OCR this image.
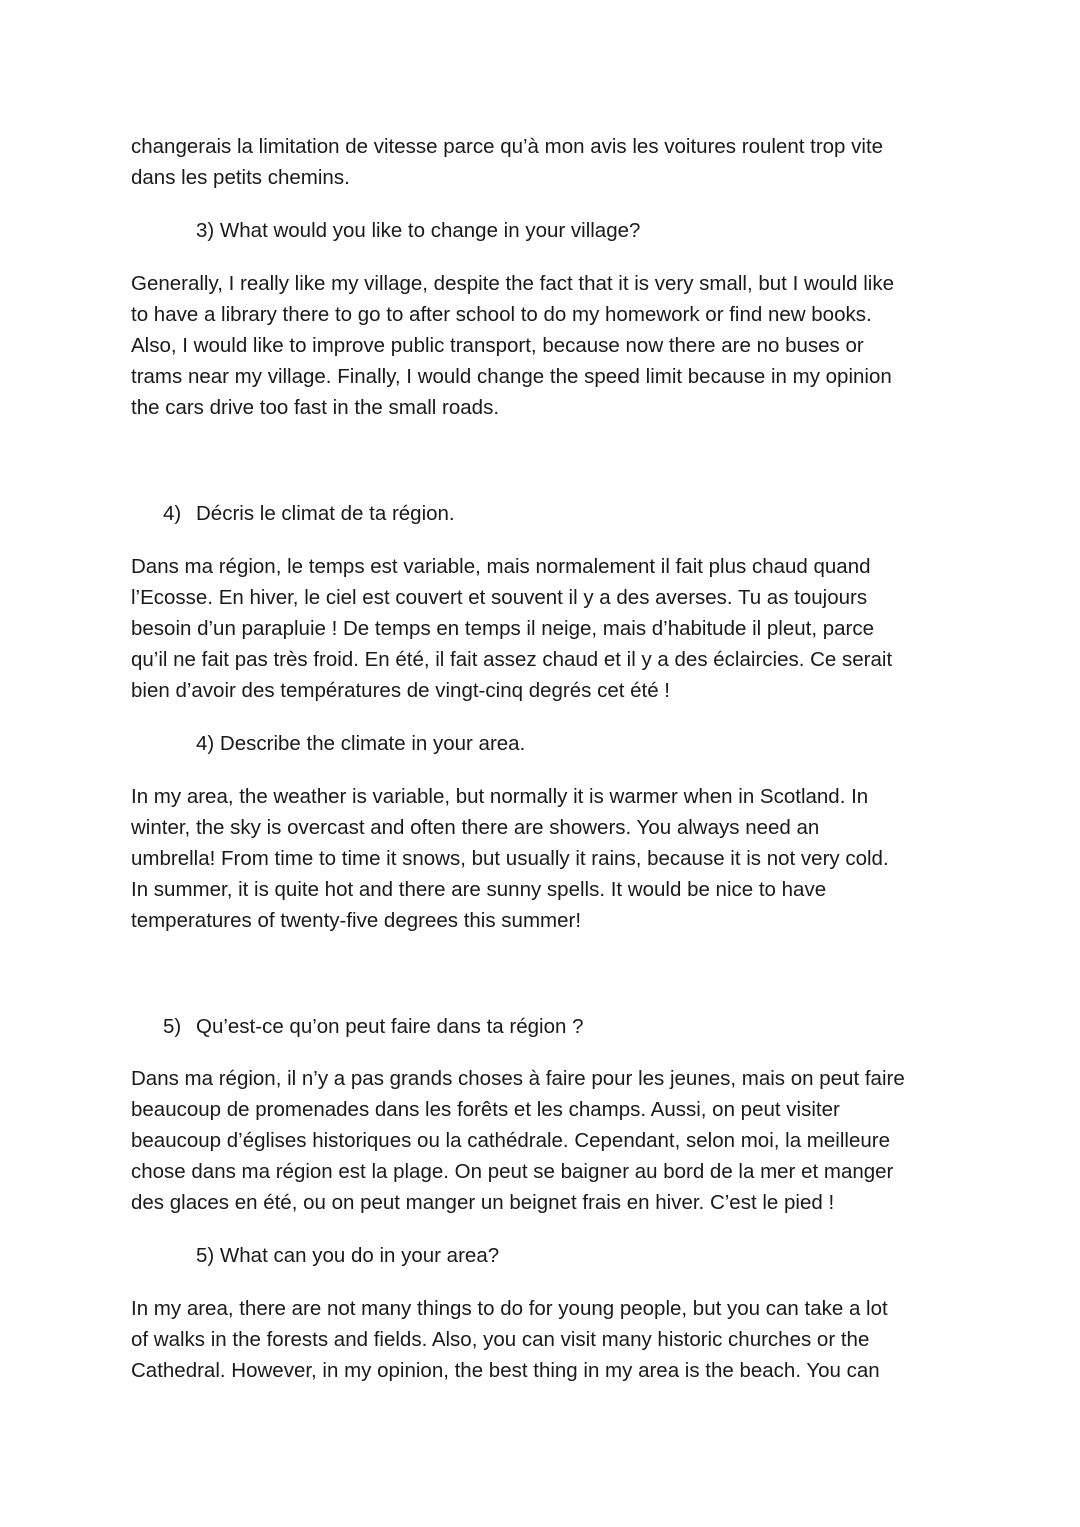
changerais la limitation de vitesse parce qu’à mon avis les voitures roulent trop vite
dans les petits chemins.

3) What would you like to change in your village?

Generally, I really like my village, despite the fact that it is very small, but I would like
to have a library there to go to after school to do my homework or find new books.
Also, I would like to improve public transport, because now there are no buses or
trams near my village. Finally, I would change the speed limit because in my opinion
the cars drive too fast in the small roads.

4) Décris le climat de ta région.

Dans ma région, le temps est variable, mais normalement il fait plus chaud quand
l’Ecosse. En hiver, le ciel est couvert et souvent il y a des averses. Tu as toujours
besoin d’un parapluie ! De temps en temps il neige, mais d’habitude il pleut, parce
qu’il ne fait pas très froid. En été, il fait assez chaud et il y a des éclaircies. Ce serait
bien d’avoir des températures de vingt-cinq degrés cet été !

4) Describe the climate in your area.

In my area, the weather is variable, but normally it is warmer when in Scotland. In
winter, the sky is overcast and often there are showers. You always need an
umbrella! From time to time it snows, but usually it rains, because it is not very cold.
In summer, it is quite hot and there are sunny spells. It would be nice to have
temperatures of twenty-five degrees this summer!

5) Qu’est-ce qu’on peut faire dans ta région ?

Dans ma région, il n’y a pas grands choses à faire pour les jeunes, mais on peut faire
beaucoup de promenades dans les forêts et les champs. Aussi, on peut visiter
beaucoup d’églises historiques ou la cathédrale. Cependant, selon moi, la meilleure
chose dans ma région est la plage. On peut se baigner au bord de la mer et manger
des glaces en été, ou on peut manger un beignet frais en hiver. C’est le pied !

5) What can you do in your area?

In my area, there are not many things to do for young people, but you can take a lot
of walks in the forests and fields. Also, you can visit many historic churches or the
Cathedral. However, in my opinion, the best thing in my area is the beach. You can
